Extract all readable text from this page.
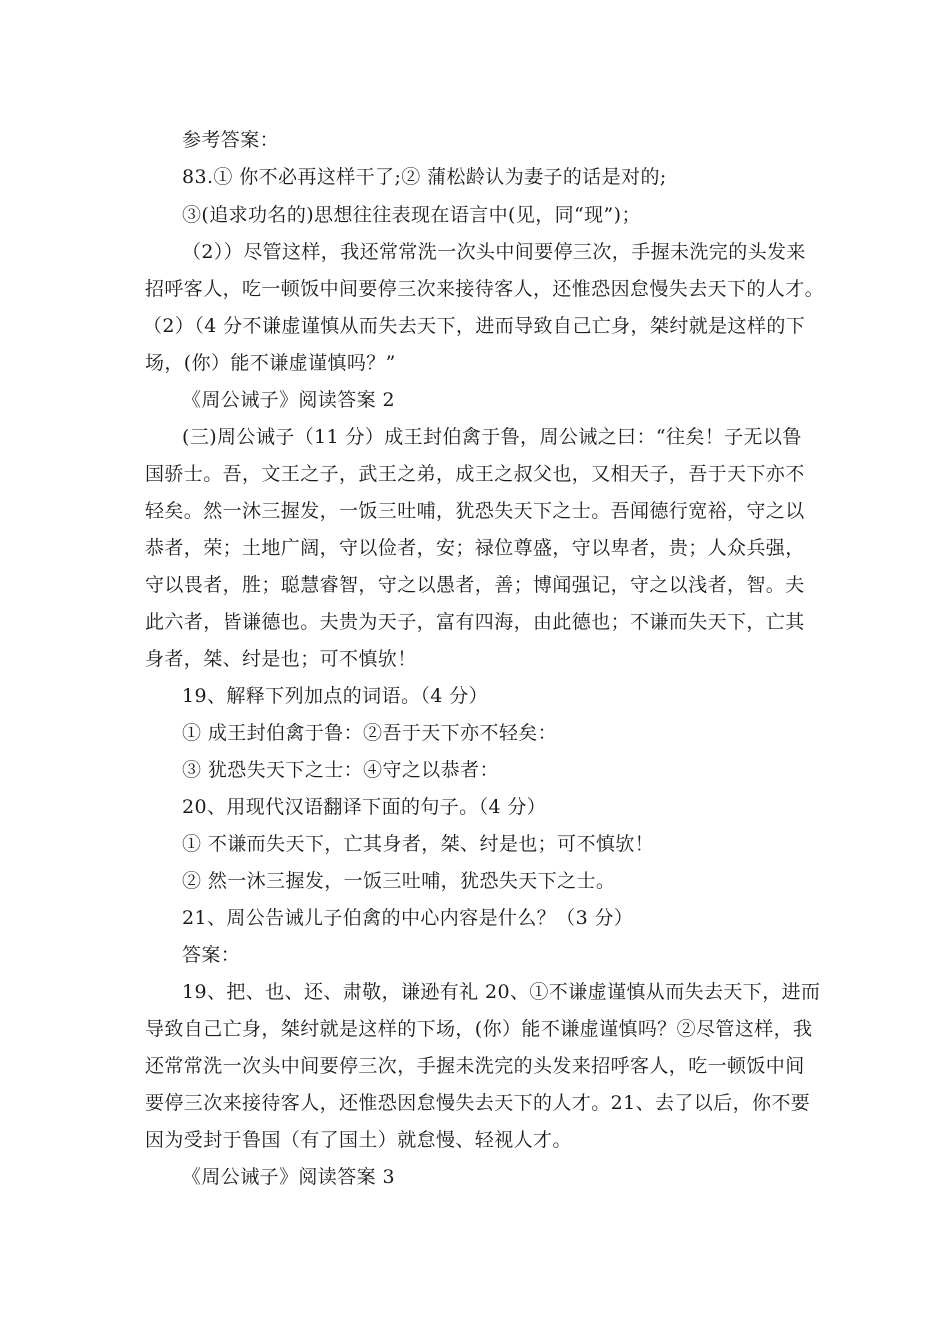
参考答案：
83.① 你不必再这样干了;② 蒲松龄认为妻子的话是对的;
③(追求功名的)思想往往表现在语言中(见，同“现”)；
（2））尽管这样，我还常常洗一次头中间要停三次，手握未洗完的头发来
招呼客人，吃一顿饭中间要停三次来接待客人，还惟恐因怠慢失去天下的人才。
（2）（4 分不谦虚谨慎从而失去天下，进而导致自己亡身，桀纣就是这样的下
场，(你）能不谦虚谨慎吗？”
《周公诫子》阅读答案 2
(三)周公诫子（11 分）成王封伯禽于鲁，周公诫之曰：“往矣！子无以鲁
国骄士。吾，文王之子，武王之弟，成王之叔父也，又相天子，吾于天下亦不
轻矣。然一沐三握发，一饭三吐哺，犹恐失天下之士。吾闻德行宽裕，守之以
恭者，荣；土地广阔，守以俭者，安；禄位尊盛，守以卑者，贵；人众兵强，
守以畏者，胜；聪慧睿智，守之以愚者，善；博闻强记，守之以浅者，智。夫
此六者，皆谦德也。夫贵为天子，富有四海，由此德也；不谦而失天下，亡其
身者，桀、纣是也；可不慎欤！
19、解释下列加点的词语。（4 分）
① 成王封伯禽于鲁：②吾于天下亦不轻矣：
③ 犹恐失天下之士：④守之以恭者：
20、用现代汉语翻译下面的句子。（4 分）
① 不谦而失天下，亡其身者，桀、纣是也；可不慎欤！
② 然一沐三握发，一饭三吐哺，犹恐失天下之士。
21、周公告诫儿子伯禽的中心内容是什么？（3 分）
答案：
19、把、也、还、肃敬，谦逊有礼 20、①不谦虚谨慎从而失去天下，进而
导致自己亡身，桀纣就是这样的下场，(你）能不谦虚谨慎吗？②尽管这样，我
还常常洗一次头中间要停三次，手握未洗完的头发来招呼客人，吃一顿饭中间
要停三次来接待客人，还惟恐因怠慢失去天下的人才。21、去了以后，你不要
因为受封于鲁国（有了国土）就怠慢、轻视人才。
《周公诫子》阅读答案 3
